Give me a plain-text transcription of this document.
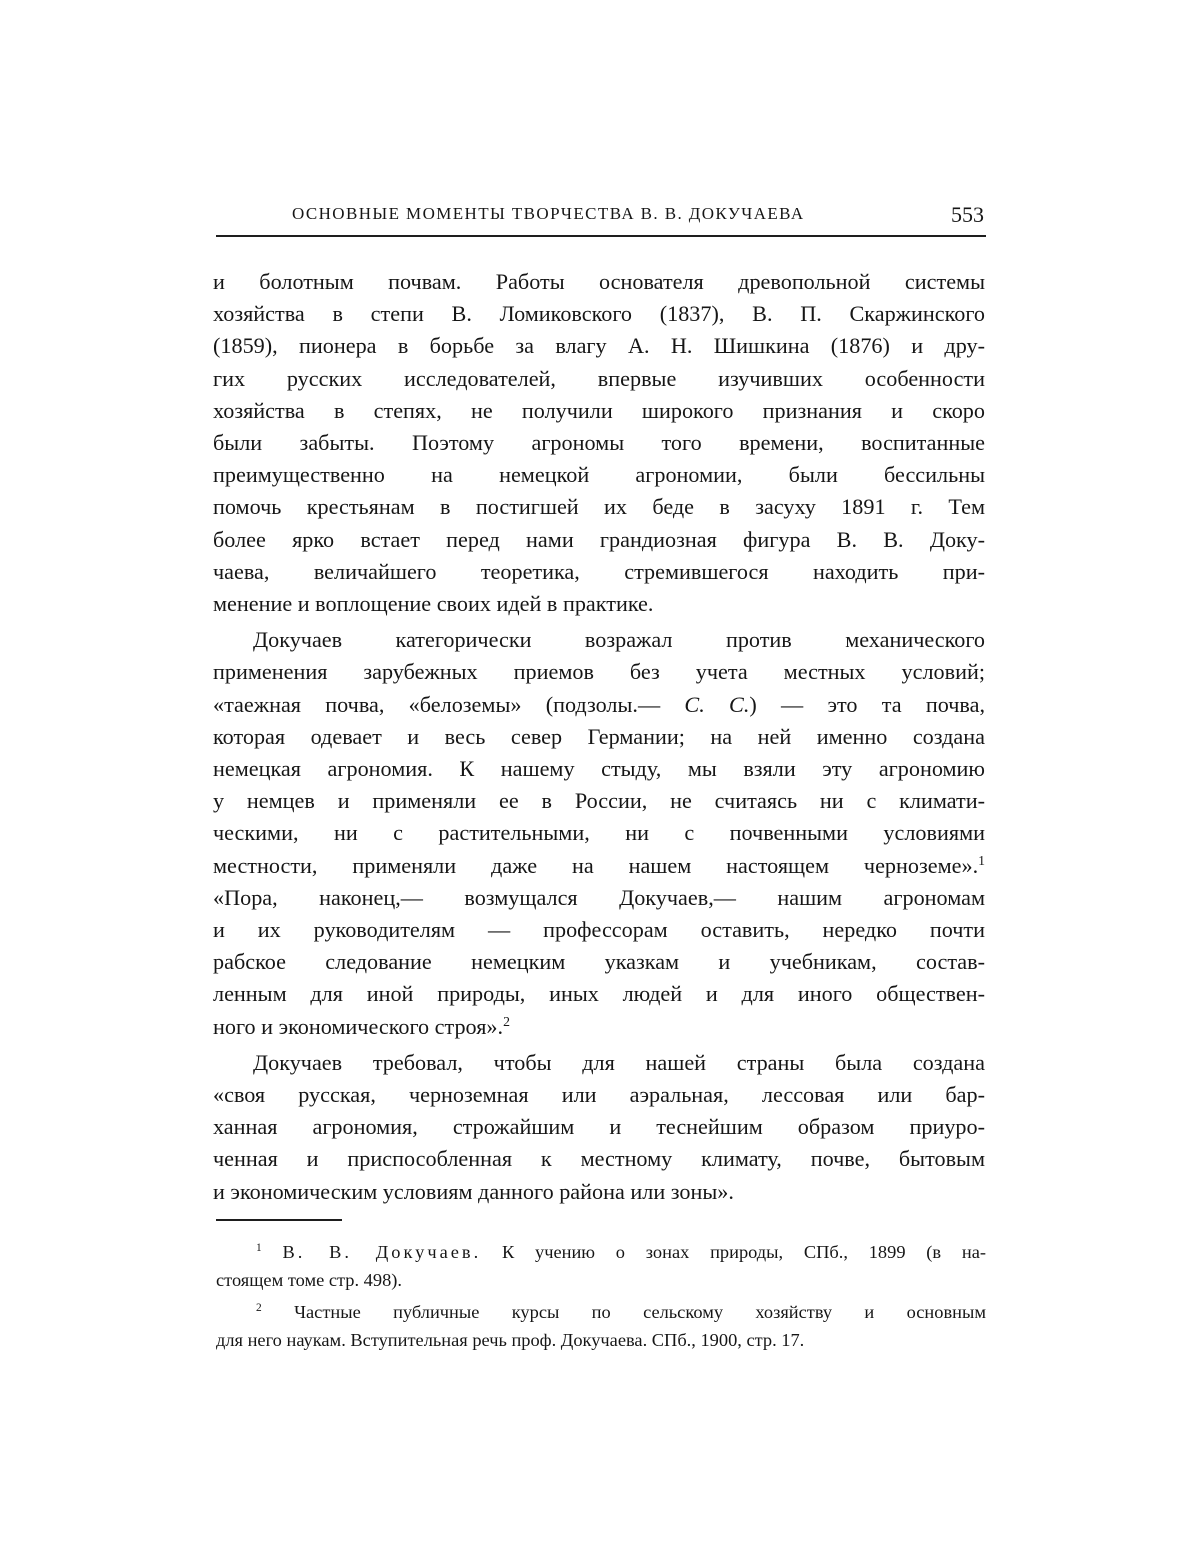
ОСНОВНЫЕ МОМЕНТЫ ТВОРЧЕСТВА В. В. ДОКУЧАЕВА	553
и болотным почвам. Работы основателя древопольной системы
хозяйства в степи В. Ломиковского (1837), В. П. Скаржинского
(1859), пионера в борьбе за влагу А. Н. Шишкина (1876) и дру-
гих русских исследователей, впервые изучивших особенности
хозяйства в степях, не получили широкого признания и скоро
были забыты. Поэтому агрономы того времени, воспитанные
преимущественно на немецкой агрономии, были бессильны
помочь крестьянам в постигшей их беде в засуху 1891 г. Тем
более ярко встает перед нами грандиозная фигура В. В. Доку-
чаева, величайшего теоретика, стремившегося находить при-
менение и воплощение своих идей в практике.
Докучаев категорически возражал против механического
применения зарубежных приемов без учета местных условий;
«таежная почва, «белоземы» (подзолы.— С. С.) — это та почва,
которая одевает и весь север Германии; на ней именно создана
немецкая агрономия. К нашему стыду, мы взяли эту агрономию
у немцев и применяли ее в России, не считаясь ни с климати-
ческими, ни с растительными, ни с почвенными условиями
местности, применяли даже на нашем настоящем черноземе».1
«Пора, наконец,— возмущался Докучаев,— нашим агрономам
и их руководителям — профессорам оставить, нередко почти
рабское следование немецким указкам и учебникам, состав-
ленным для иной природы, иных людей и для иного обществен-
ного и экономического строя».2
Докучаев требовал, чтобы для нашей страны была создана
«своя русская, черноземная или аэральная, лессовая или бар-
ханная агрономия, строжайшим и теснейшим образом приуро-
ченная и приспособленная к местному климату, почве, бытовым
и экономическим условиям данного района или зоны».
1 В. В. Докучаев. К учению о зонах природы, СПб., 1899 (в на-
стоящем томе стр. 498).
2 Частные публичные курсы по сельскому хозяйству и основным
для него наукам. Вступительная речь проф. Докучаева. СПб., 1900, стр. 17.
